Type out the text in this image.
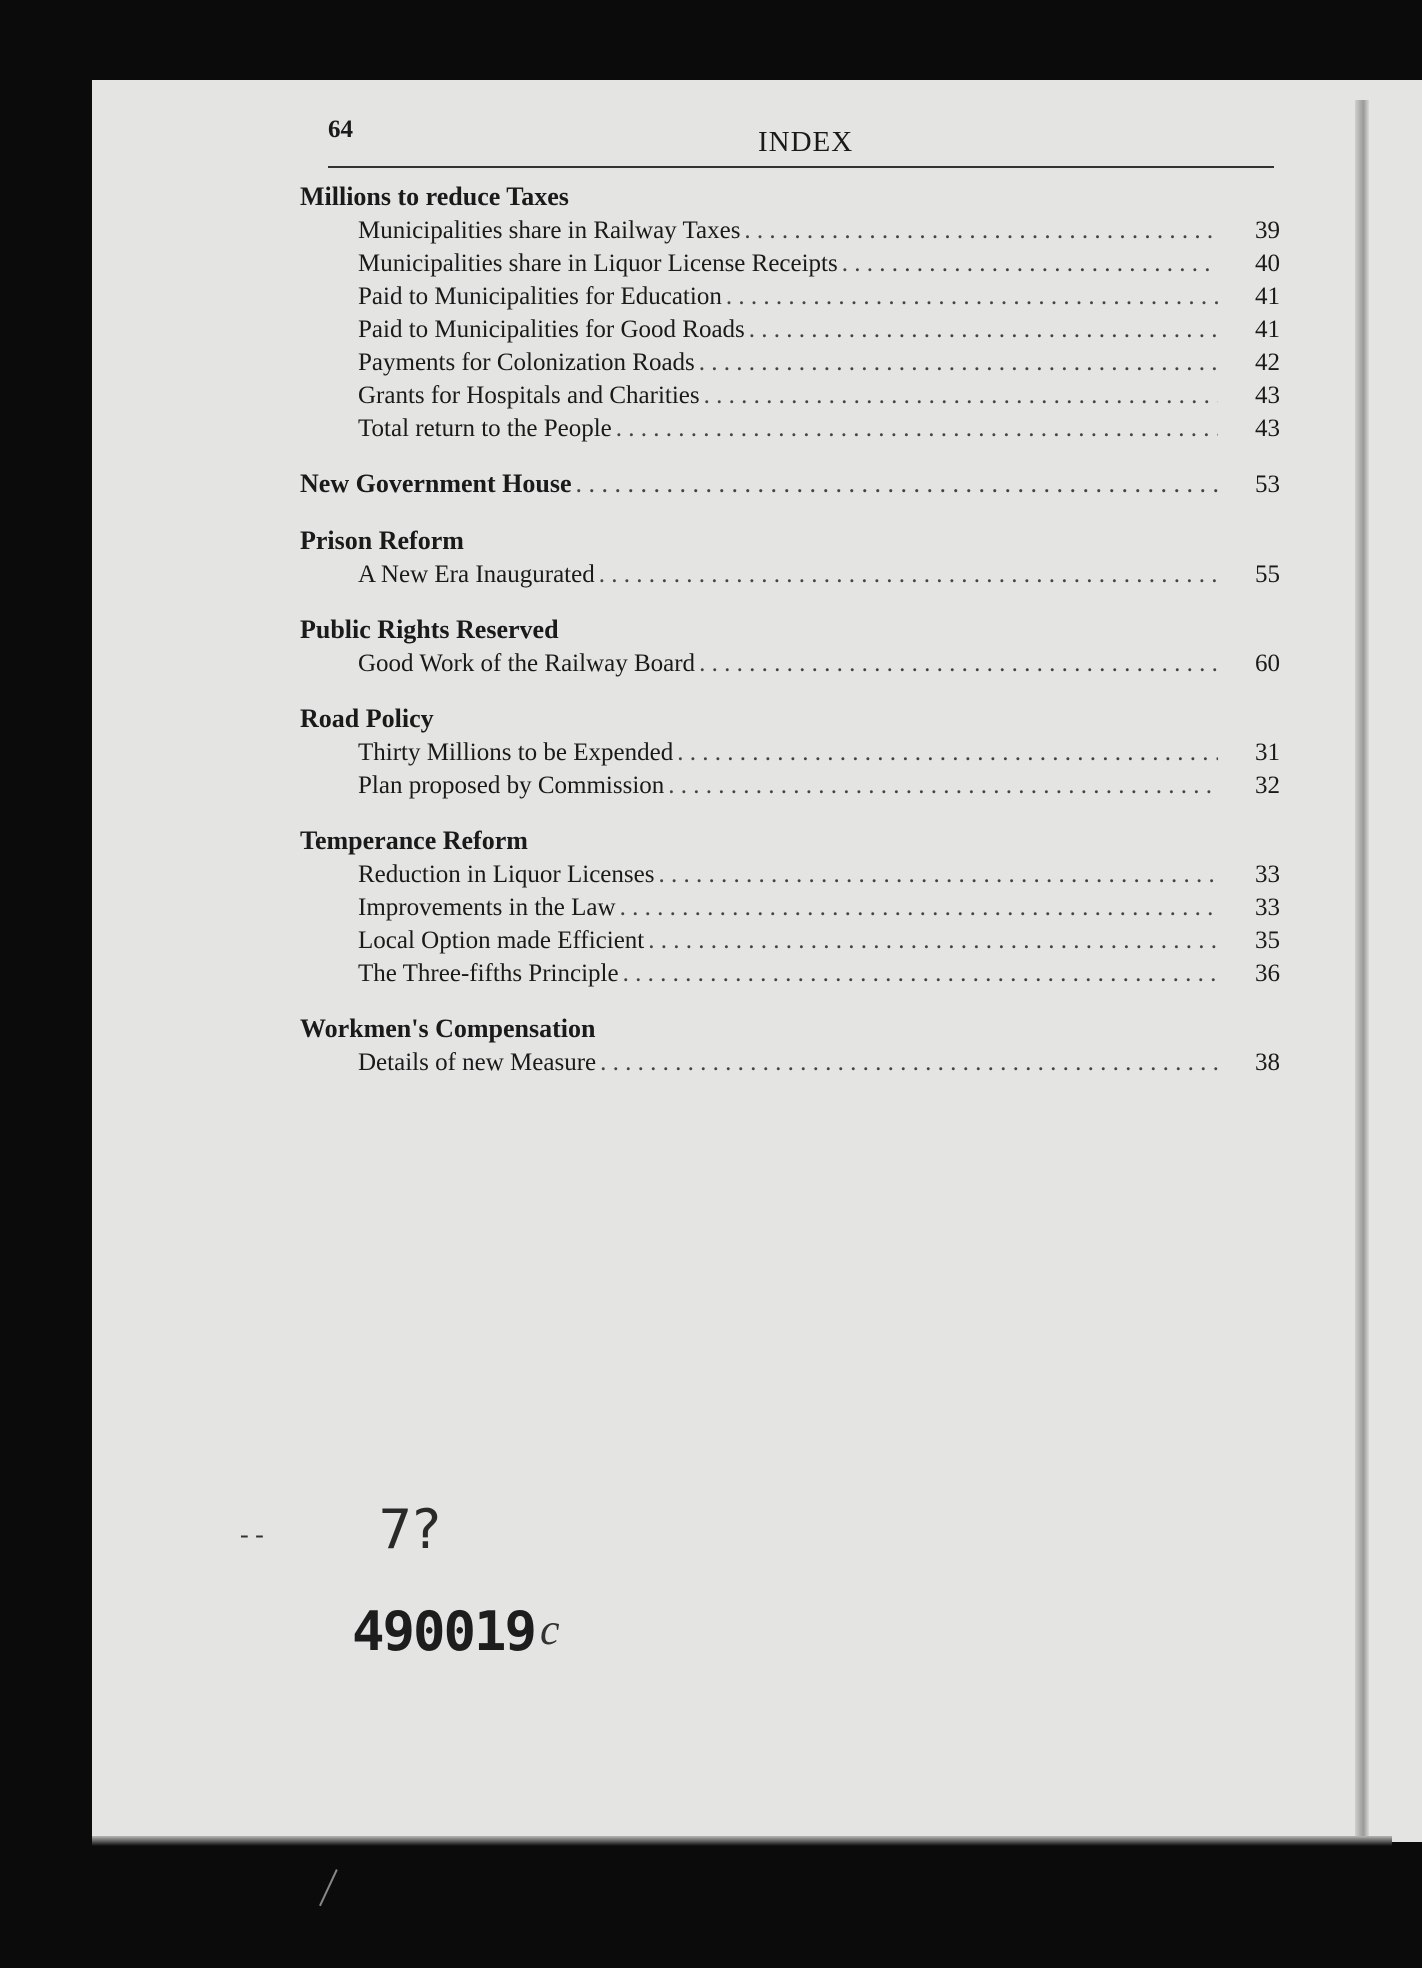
64	INDEX
Millions to reduce Taxes
Municipalities share in Railway Taxes . . .	39
Municipalities share in Liquor License Receipts . . .	40
Paid to Municipalities for Education . . .	41
Paid to Municipalities for Good Roads . . .	41
Payments for Colonization Roads . . .	42
Grants for Hospitals and Charities . . .	43
Total return to the People . . .	43
New Government House . . .	53
Prison Reform
A New Era Inaugurated . . .	55
Public Rights Reserved
Good Work of the Railway Board . . .	60
Road Policy
Thirty Millions to be Expended . . .	31
Plan proposed by Commission . . .	32
Temperance Reform
Reduction in Liquor Licenses . . .	33
Improvements in the Law . . .	33
Local Option made Efficient . . .	35
The Three-fifths Principle . . .	36
Workmen's Compensation
Details of new Measure . . .	38
- - 7?
490019 c
